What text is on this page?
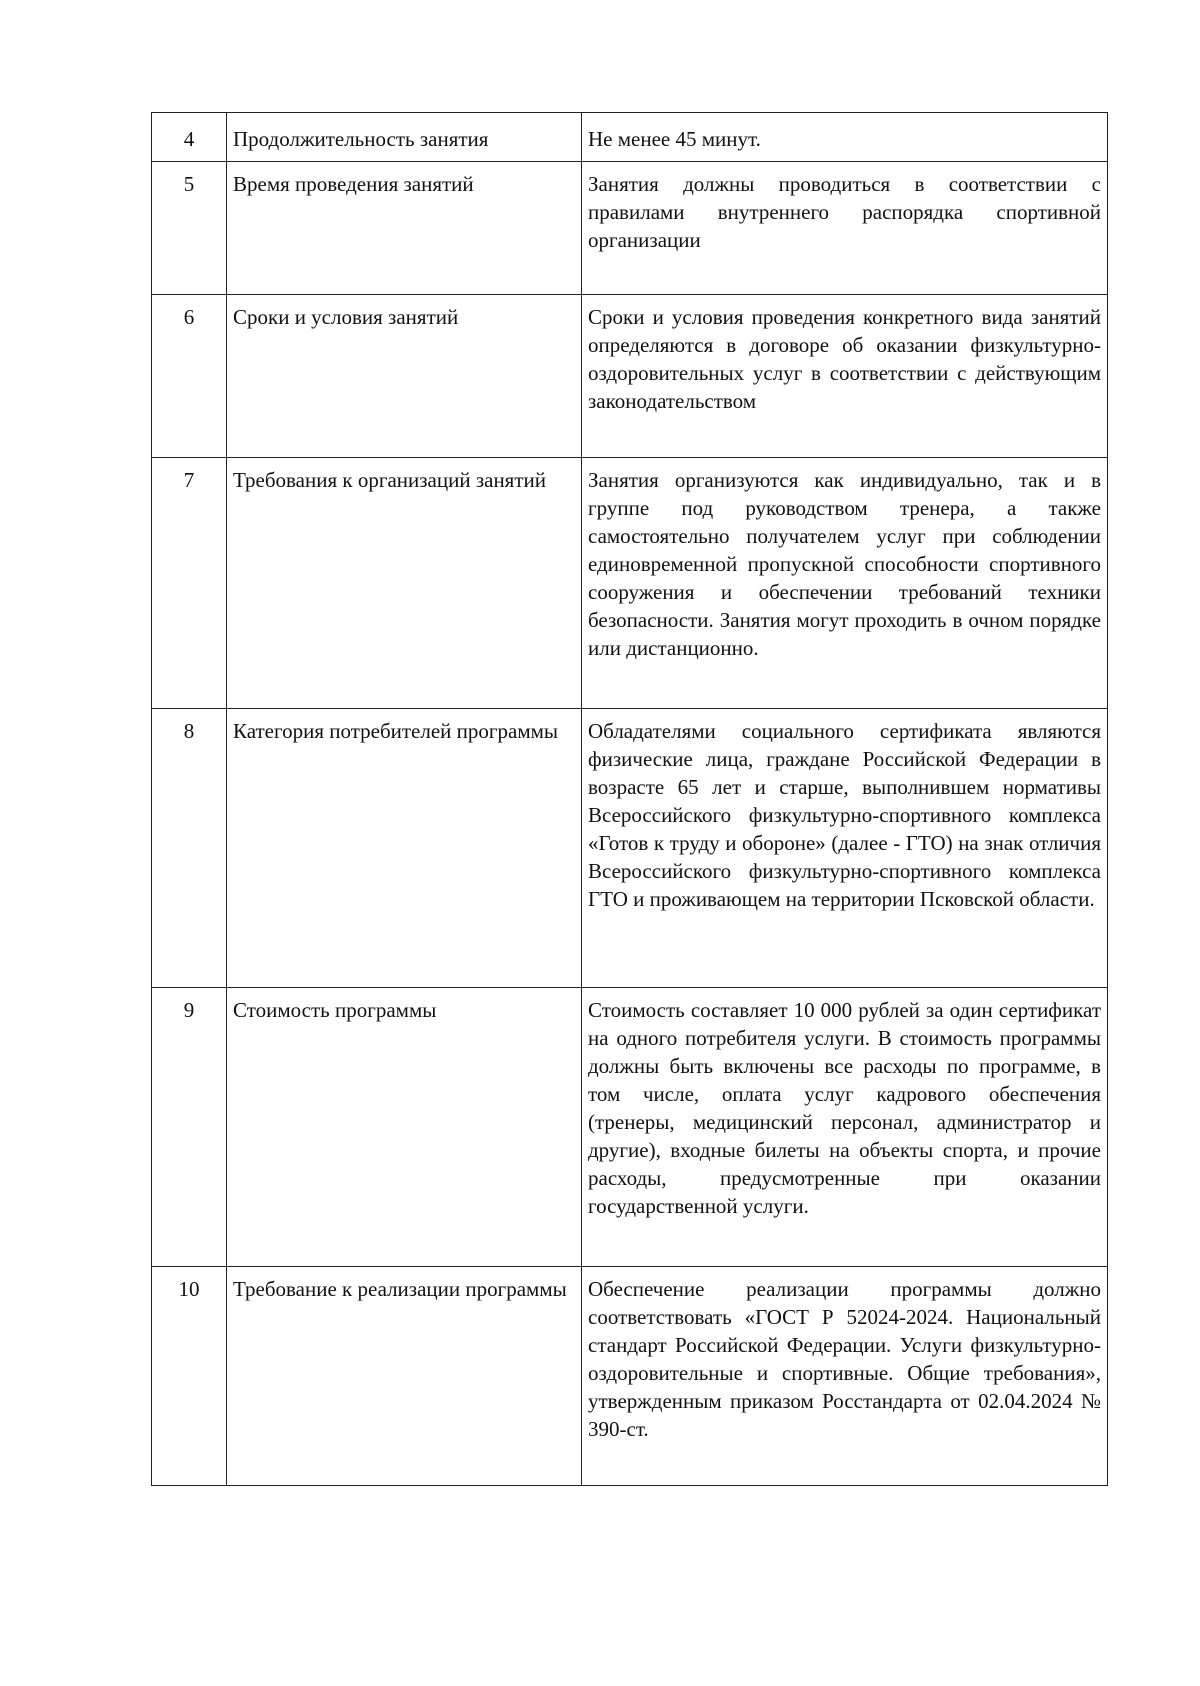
4	Продолжительность занятия	Не менее 45 минут.
5	Время проведения занятий	Занятия должны проводиться в соответствии с правилами внутреннего распорядка спортивной организации
6	Сроки и условия занятий	Сроки и условия проведения конкретного вида занятий определяются в договоре об оказании физкультурно-оздоровительных услуг в соответствии с действующим законодательством
7	Требования к организаций занятий	Занятия организуются как индивидуально, так и в группе под руководством тренера, а также самостоятельно получателем услуг при соблюдении единовременной пропускной способности спортивного сооружения и обеспечении требований техники безопасности. Занятия могут проходить в очном порядке или дистанционно.
8	Категория потребителей программы	Обладателями социального сертификата являются физические лица, граждане Российской Федерации в возрасте 65 лет и старше, выполнившем нормативы Всероссийского физкультурно-спортивного комплекса «Готов к труду и обороне» (далее - ГТО) на знак отличия Всероссийского физкультурно-спортивного комплекса ГТО и проживающем на территории Псковской области.
9	Стоимость программы	Стоимость составляет 10 000 рублей за один сертификат на одного потребителя услуги. В стоимость программы должны быть включены все расходы по программе, в том числе, оплата услуг кадрового обеспечения (тренеры, медицинский персонал, администратор и другие), входные билеты на объекты спорта, и прочие расходы, предусмотренные при оказании государственной услуги.
10	Требование к реализации программы	Обеспечение реализации программы должно соответствовать «ГОСТ Р 52024-2024. Национальный стандарт Российской Федерации. Услуги физкультурно-оздоровительные и спортивные. Общие требования», утвержденным приказом Росстандарта от 02.04.2024 № 390-ст.
